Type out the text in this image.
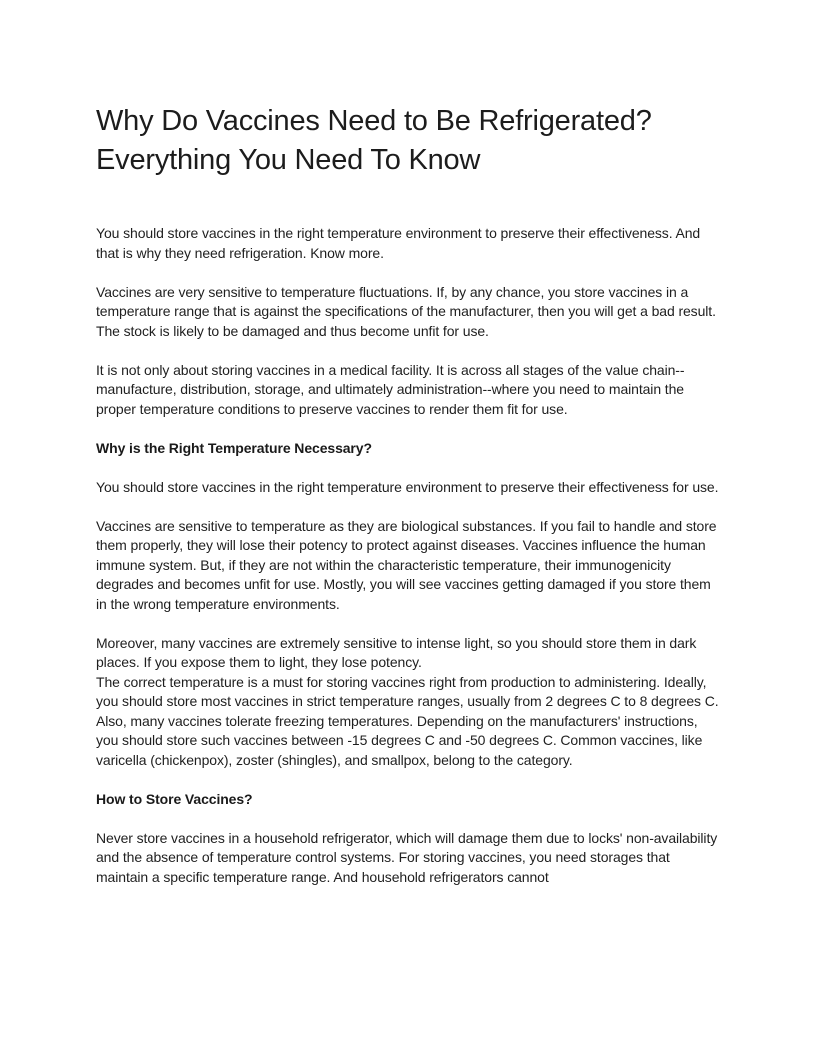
Why Do Vaccines Need to Be Refrigerated?
Everything You Need To Know

You should store vaccines in the right temperature environment to preserve their effectiveness. And that is why they need refrigeration. Know more.

Vaccines are very sensitive to temperature fluctuations. If, by any chance, you store vaccines in a temperature range that is against the specifications of the manufacturer, then you will get a bad result. The stock is likely to be damaged and thus become unfit for use.

It is not only about storing vaccines in a medical facility. It is across all stages of the value chain--manufacture, distribution, storage, and ultimately administration--where you need to maintain the proper temperature conditions to preserve vaccines to render them fit for use.

Why is the Right Temperature Necessary?

You should store vaccines in the right temperature environment to preserve their effectiveness for use.

Vaccines are sensitive to temperature as they are biological substances. If you fail to handle and store them properly, they will lose their potency to protect against diseases. Vaccines influence the human immune system. But, if they are not within the characteristic temperature, their immunogenicity degrades and becomes unfit for use. Mostly, you will see vaccines getting damaged if you store them in the wrong temperature environments.

Moreover, many vaccines are extremely sensitive to intense light, so you should store them in dark places. If you expose them to light, they lose potency.

The correct temperature is a must for storing vaccines right from production to administering. Ideally, you should store most vaccines in strict temperature ranges, usually from 2 degrees C to 8 degrees C. Also, many vaccines tolerate freezing temperatures. Depending on the manufacturers' instructions, you should store such vaccines between -15 degrees C and -50 degrees C. Common vaccines, like varicella (chickenpox), zoster (shingles), and smallpox, belong to the category.

How to Store Vaccines?

Never store vaccines in a household refrigerator, which will damage them due to locks' non-availability and the absence of temperature control systems. For storing vaccines, you need storages that maintain a specific temperature range. And household refrigerators cannot
